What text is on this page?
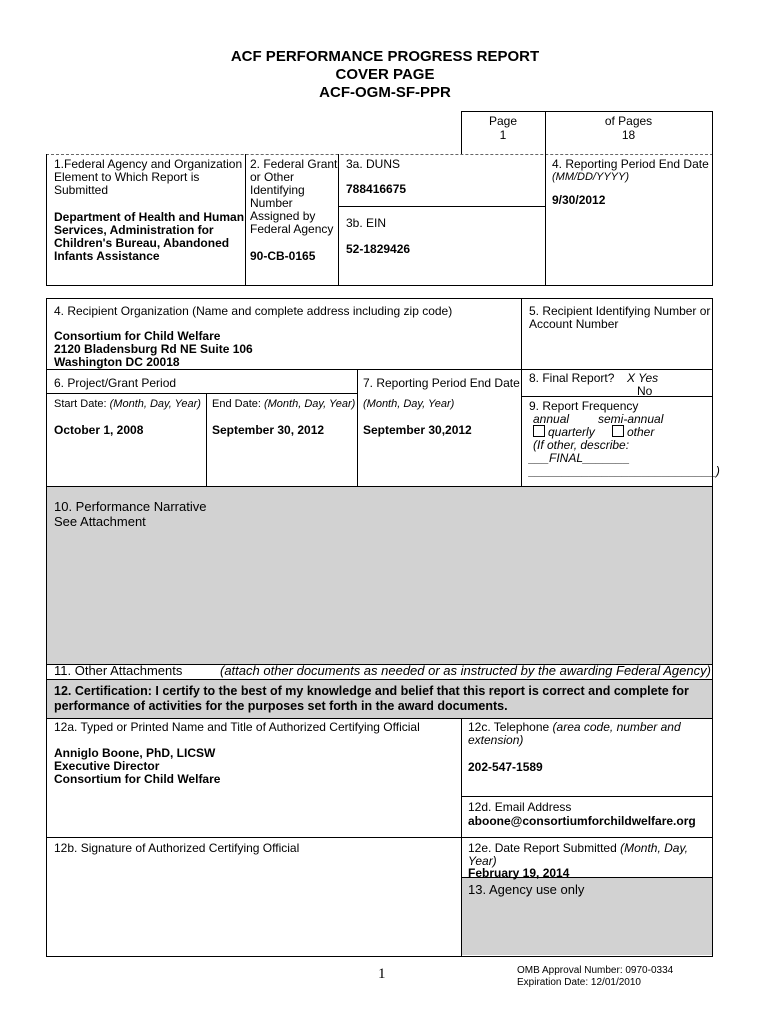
ACF PERFORMANCE PROGRESS REPORT
COVER PAGE
ACF-OGM-SF-PPR
Page
1
of Pages
18
1.Federal Agency and Organization
Element to Which Report is
Submitted
Department of Health and Human
Services, Administration for
Children's Bureau, Abandoned
Infants Assistance
2. Federal Grant
or Other
Identifying
Number
Assigned by
Federal Agency
90-CB-0165
3a. DUNS
788416675
3b. EIN
52-1829426
4. Reporting Period End Date
(MM/DD/YYYY)
9/30/2012
4. Recipient Organization (Name and complete address including zip code)
Consortium for Child Welfare
2120 Bladensburg Rd NE Suite 106
Washington DC 20018
5. Recipient Identifying Number or
Account Number
6. Project/Grant Period
Start Date: (Month, Day, Year) End Date: (Month, Day, Year)
October 1, 2008	September 30, 2012
7. Reporting Period End Date
(Month, Day, Year)
September 30,2012
8. Final Report? X Yes
No
9. Report Frequency
annual semi-annual
quarterly	other
(If other, describe:
___FINAL_______
____________________________)
10. Performance Narrative
See Attachment
11. Other Attachments	(attach other documents as needed or as instructed by the awarding Federal Agency)
12. Certification: I certify to the best of my knowledge and belief that this report is correct and complete for
performance of activities for the purposes set forth in the award documents.
12a. Typed or Printed Name and Title of Authorized Certifying Official
Anniglo Boone, PhD, LICSW
Executive Director
Consortium for Child Welfare
12c. Telephone (area code, number and
extension)
202-547-1589
12d. Email Address
aboone@consortiumforchildwelfare.org
12b. Signature of Authorized Certifying Official	12e. Date Report Submitted (Month, Day,
Year)
February 19, 2014
13. Agency use only
1	OMB Approval Number: 0970-0334
Expiration Date: 12/01/2010
